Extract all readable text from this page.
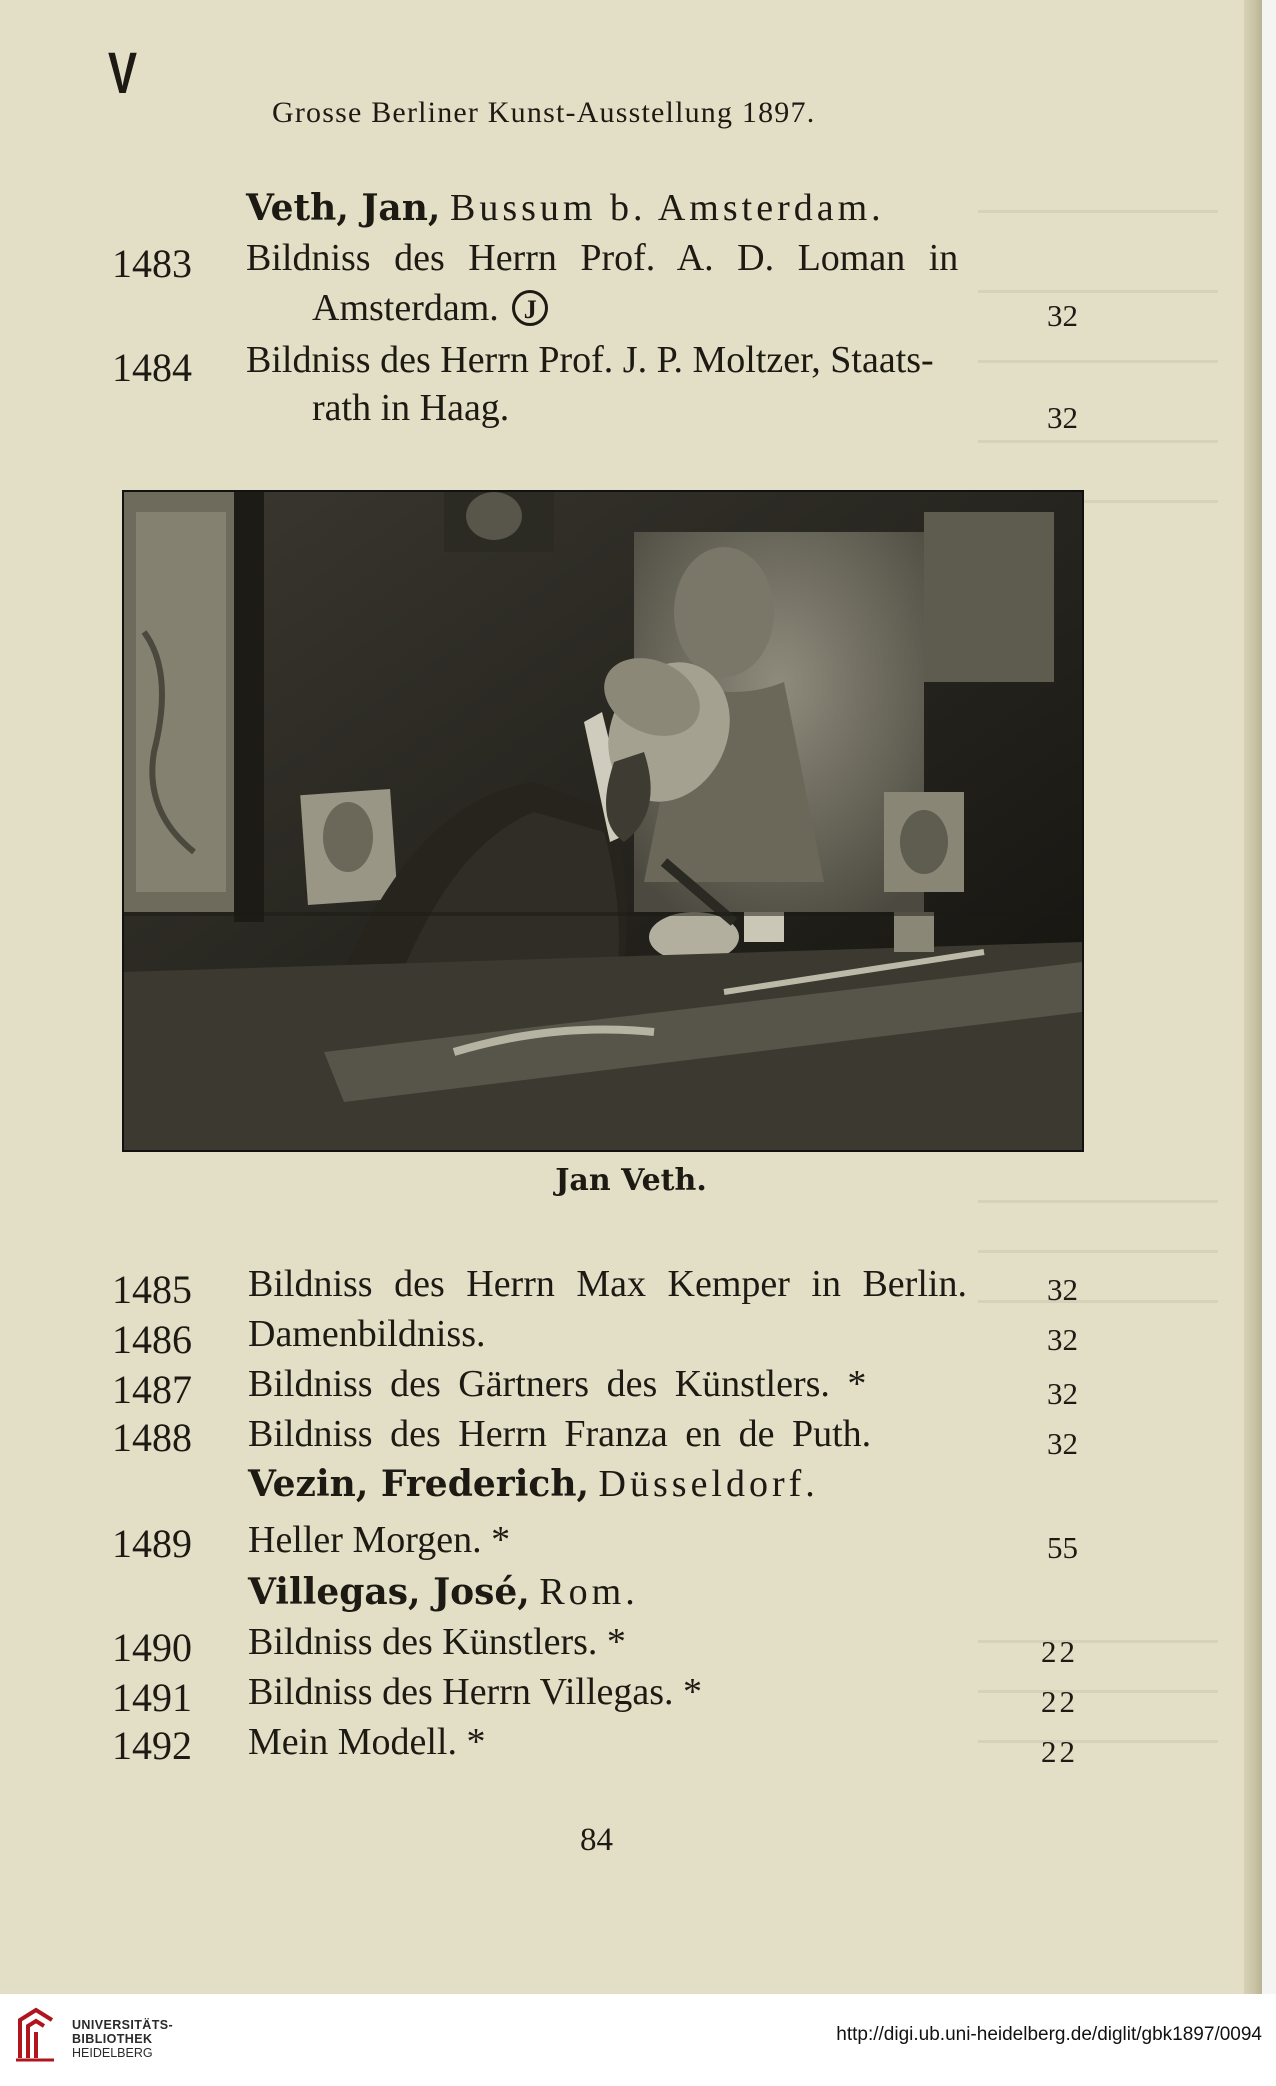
V
Grosse Berliner Kunst-Ausstellung 1897.
Veth, Jan, Bussum b. Amsterdam.
1483 Bildniss des Herrn Prof. A. D. Loman in
Amsterdam. J	32
1484 Bildniss des Herrn Prof. J. P. Moltzer, Staats-
rath in Haag.	32
Jan Veth.
1485 Bildniss des Herrn Max Kemper in Berlin.	32
1486 Damenbildniss.	32
1487 Bildniss des Gärtners des Künstlers. *	32
1488 Bildniss des Herrn Franza en de Puth.	32
Vezin, Frederich, Düsseldorf.
1489 Heller Morgen. *	55
Villegas, José, Rom.
1490 Bildniss des Künstlers. *	22
1491 Bildniss des Herrn Villegas. *	22
1492 Mein Modell. *	22
84
UNIVERSITÄTS-
BIBLIOTHEK
HEIDELBERG
http://digi.ub.uni-heidelberg.de/diglit/gbk1897/0094
